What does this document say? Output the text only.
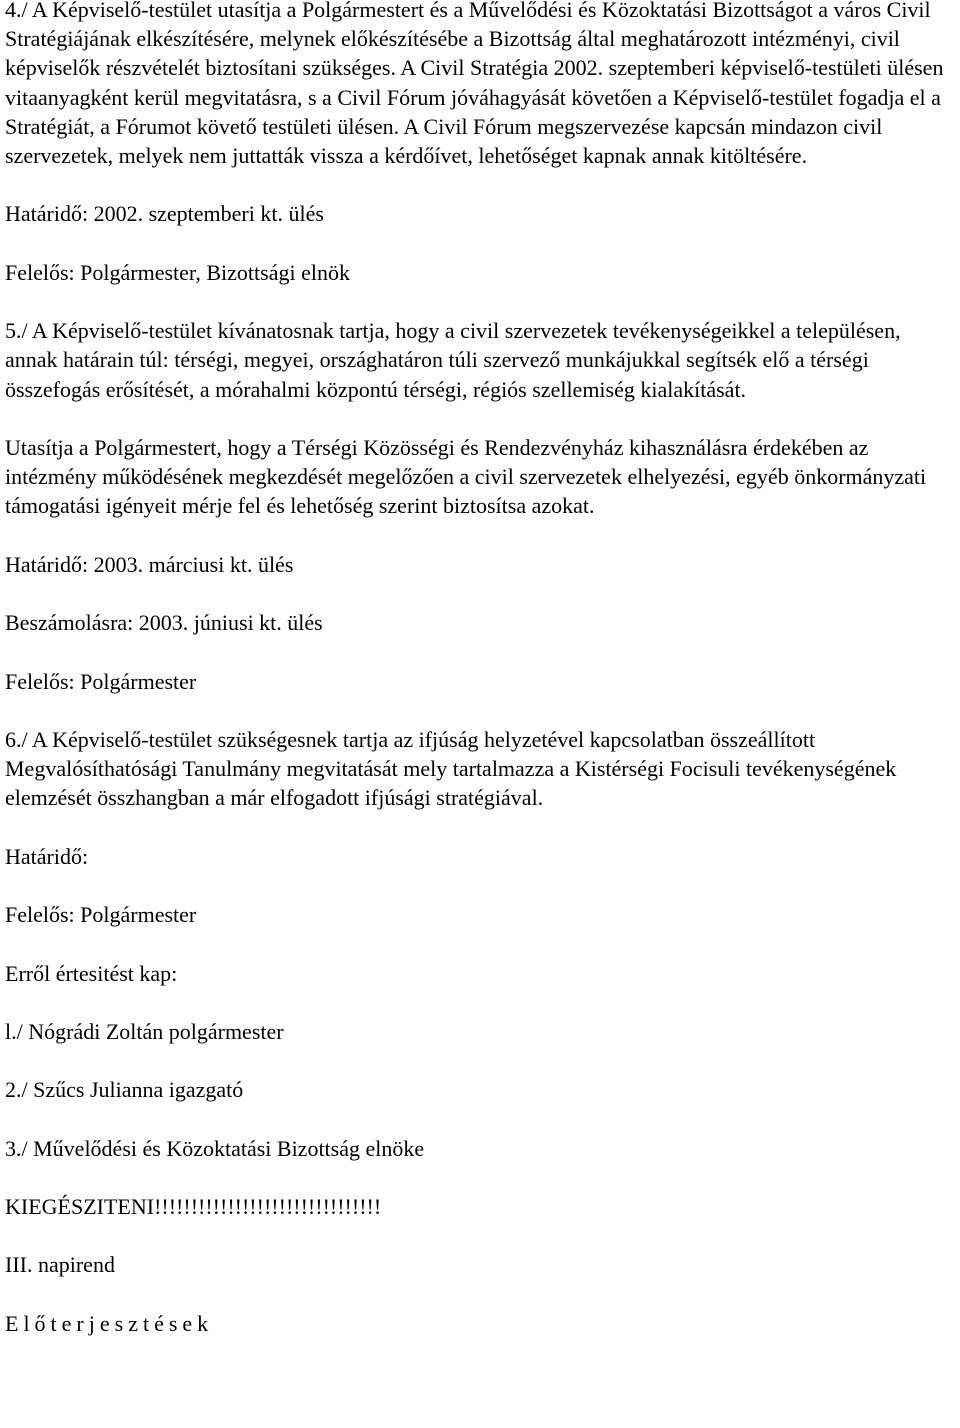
4./ A Képviselő-testület utasítja a Polgármestert és a Művelődési és Közoktatási Bizottságot a város Civil Stratégiájának elkészítésére, melynek előkészítésébe a Bizottság által meghatározott intézményi, civil képviselők részvételét biztosítani szükséges. A Civil Stratégia 2002. szeptemberi képviselő-testületi ülésen vitaanyagként kerül megvitatásra, s a Civil Fórum jóváhagyását követően a Képviselő-testület fogadja el a Stratégiát, a Fórumot követő testületi ülésen. A Civil Fórum megszervezése kapcsán mindazon civil szervezetek, melyek nem juttatták vissza a kérdőívet, lehetőséget kapnak annak kitöltésére.

Határidő: 2002. szeptemberi kt. ülés

Felelős: Polgármester, Bizottsági elnök

5./ A Képviselő-testület kívánatosnak tartja, hogy a civil szervezetek tevékenységeikkel a településen, annak határain túl: térségi, megyei, országhatáron túli szervező munkájukkal segítsék elő a térségi összefogás erősítését, a mórahalmi központú térségi, régiós szellemiség kialakítását.

Utasítja a Polgármestert, hogy a Térségi Közösségi és Rendezvényház kihasználásra érdekében az intézmény működésének megkezdését megelőzően a civil szervezetek elhelyezési, egyéb önkormányzati támogatási igényeit mérje fel és lehetőség szerint biztosítsa azokat.

Határidő: 2003. márciusi kt. ülés

Beszámolásra: 2003. júniusi kt. ülés

Felelős: Polgármester

6./ A Képviselő-testület szükségesnek tartja az ifjúság helyzetével kapcsolatban összeállított Megvalósíthatósági Tanulmány megvitatását mely tartalmazza a Kistérségi Focisuli tevékenységének elemzését összhangban a már elfogadott ifjúsági stratégiával.

Határidő:

Felelős: Polgármester

Erről értesitést kap:

l./ Nógrádi Zoltán polgármester

2./ Szűcs Julianna igazgató

3./ Művelődési és Közoktatási Bizottság elnöke

KIEGÉSZITENI!!!!!!!!!!!!!!!!!!!!!!!!!!!!!!!

III. napirend

Előterjesztések
